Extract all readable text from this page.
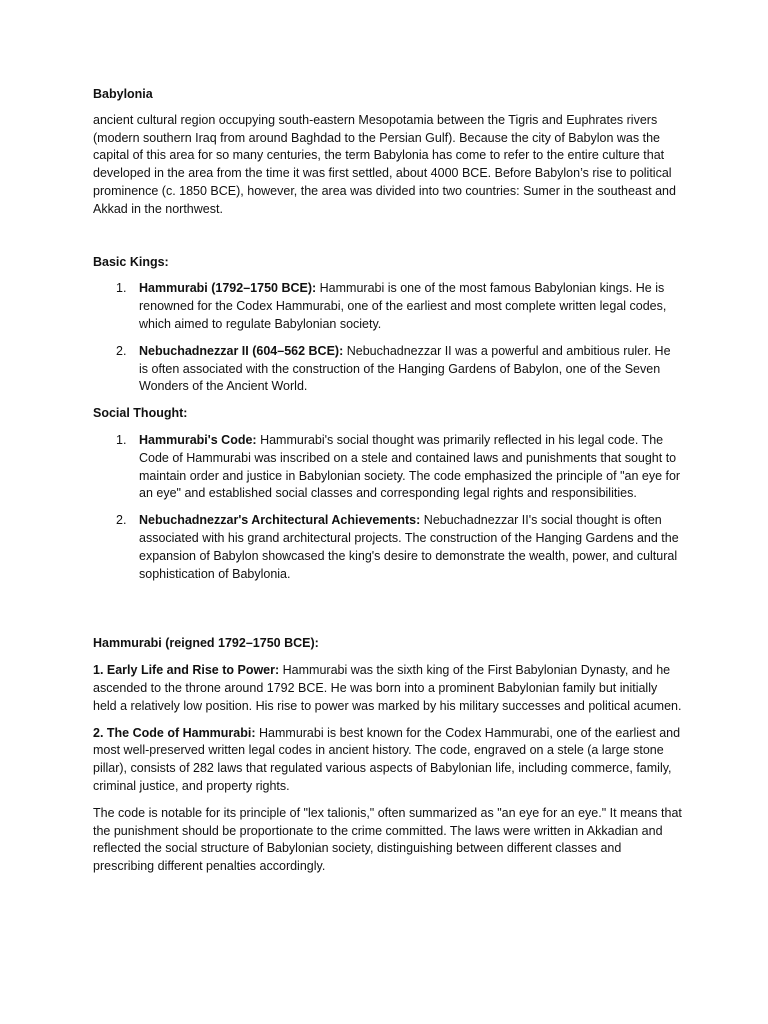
Babylonia

ancient cultural region occupying south-eastern Mesopotamia between the Tigris and Euphrates rivers (modern southern Iraq from around Baghdad to the Persian Gulf). Because the city of Babylon was the capital of this area for so many centuries, the term Babylonia has come to refer to the entire culture that developed in the area from the time it was first settled, about 4000 BCE. Before Babylon’s rise to political prominence (c. 1850 BCE), however, the area was divided into two countries: Sumer in the southeast and Akkad in the northwest.

Basic Kings:

1. Hammurabi (1792–1750 BCE): Hammurabi is one of the most famous Babylonian kings. He is renowned for the Codex Hammurabi, one of the earliest and most complete written legal codes, which aimed to regulate Babylonian society.
2. Nebuchadnezzar II (604–562 BCE): Nebuchadnezzar II was a powerful and ambitious ruler. He is often associated with the construction of the Hanging Gardens of Babylon, one of the Seven Wonders of the Ancient World.

Social Thought:

1. Hammurabi's Code: Hammurabi's social thought was primarily reflected in his legal code. The Code of Hammurabi was inscribed on a stele and contained laws and punishments that sought to maintain order and justice in Babylonian society. The code emphasized the principle of "an eye for an eye" and established social classes and corresponding legal rights and responsibilities.
2. Nebuchadnezzar's Architectural Achievements: Nebuchadnezzar II's social thought is often associated with his grand architectural projects. The construction of the Hanging Gardens and the expansion of Babylon showcased the king's desire to demonstrate the wealth, power, and cultural sophistication of Babylonia.

Hammurabi (reigned 1792–1750 BCE):

1. Early Life and Rise to Power: Hammurabi was the sixth king of the First Babylonian Dynasty, and he ascended to the throne around 1792 BCE. He was born into a prominent Babylonian family but initially held a relatively low position. His rise to power was marked by his military successes and political acumen.

2. The Code of Hammurabi: Hammurabi is best known for the Codex Hammurabi, one of the earliest and most well-preserved written legal codes in ancient history. The code, engraved on a stele (a large stone pillar), consists of 282 laws that regulated various aspects of Babylonian life, including commerce, family, criminal justice, and property rights.

The code is notable for its principle of "lex talionis," often summarized as "an eye for an eye." It means that the punishment should be proportionate to the crime committed. The laws were written in Akkadian and reflected the social structure of Babylonian society, distinguishing between different classes and prescribing different penalties accordingly.
